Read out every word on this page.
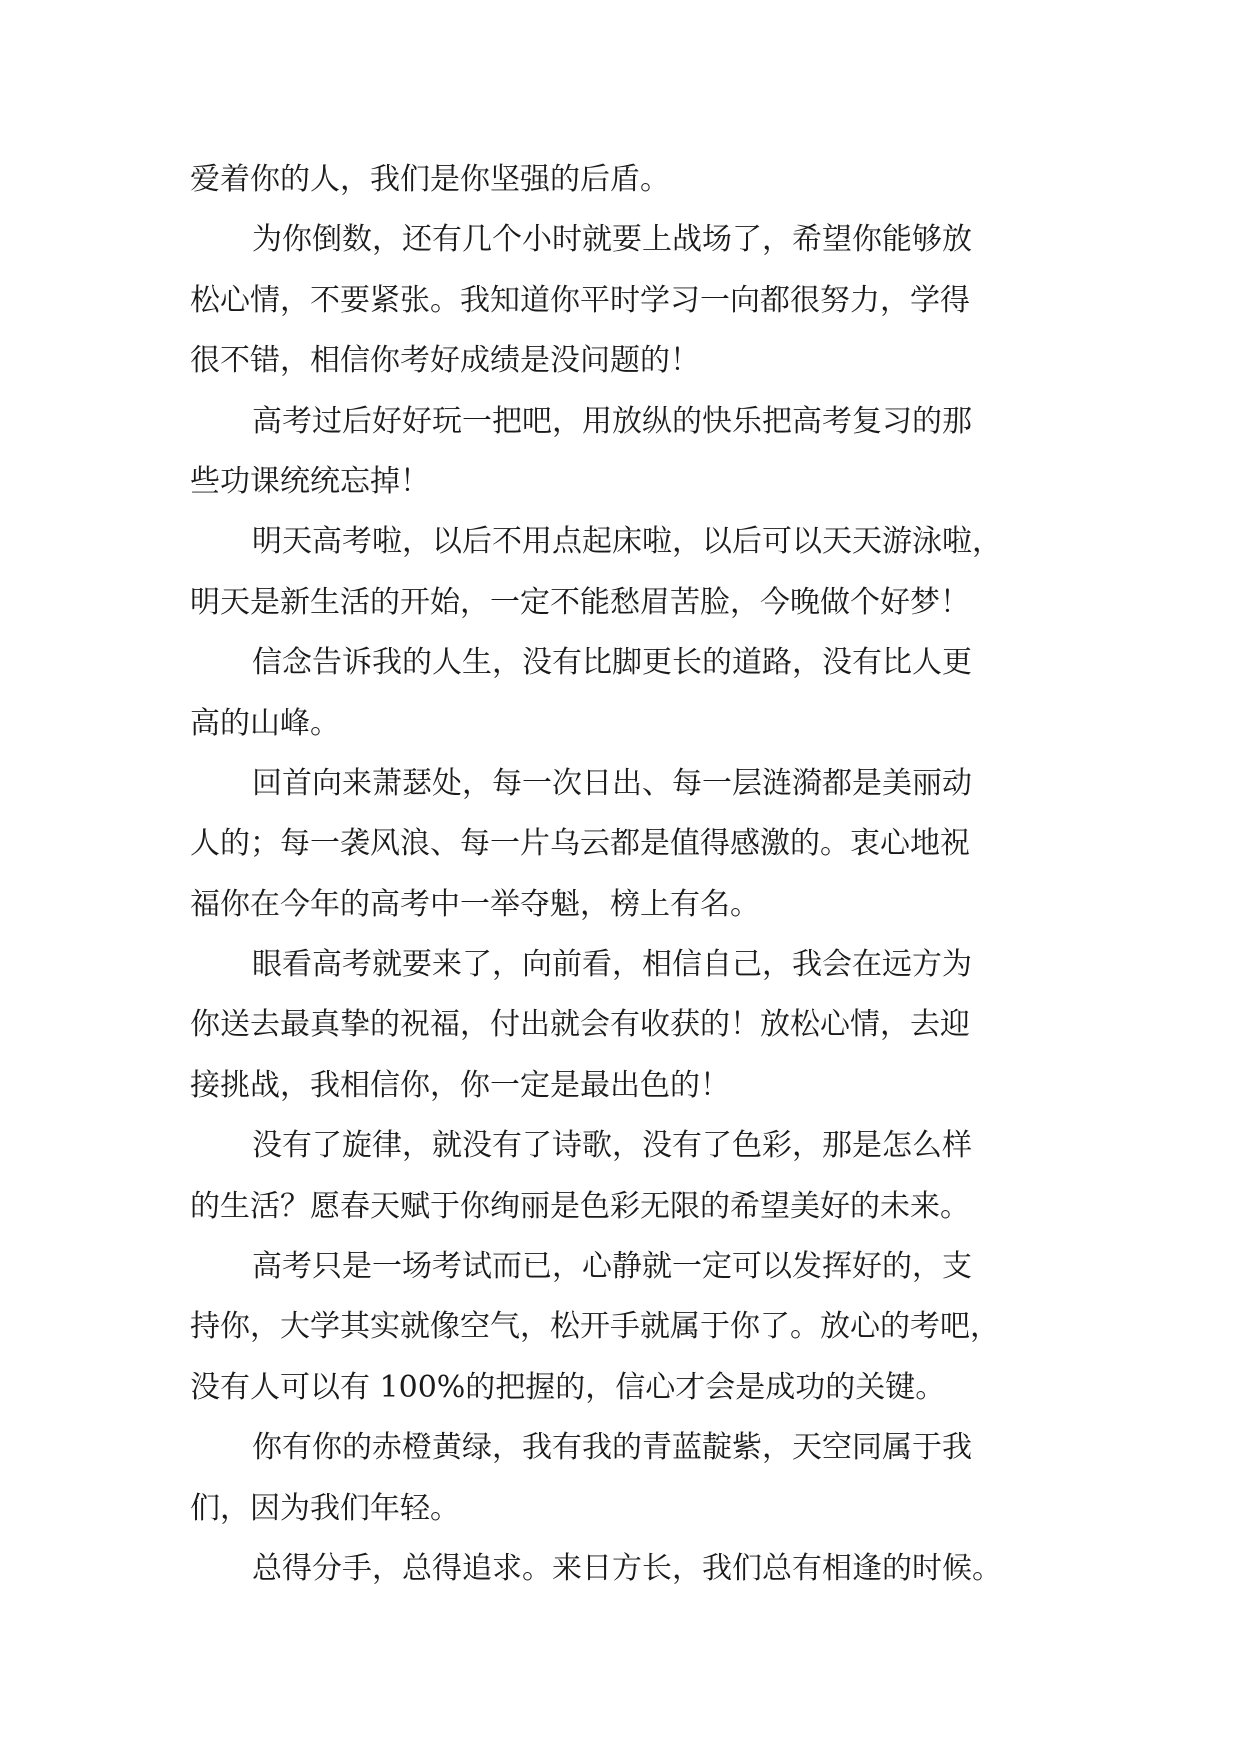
爱着你的人，我们是你坚强的后盾。
为你倒数，还有几个小时就要上战场了，希望你能够放
松心情，不要紧张。我知道你平时学习一向都很努力，学得
很不错，相信你考好成绩是没问题的！
高考过后好好玩一把吧，用放纵的快乐把高考复习的那
些功课统统忘掉！
明天高考啦，以后不用点起床啦，以后可以天天游泳啦，
明天是新生活的开始，一定不能愁眉苦脸，今晚做个好梦！
信念告诉我的人生，没有比脚更长的道路，没有比人更
高的山峰。
回首向来萧瑟处，每一次日出、每一层涟漪都是美丽动
人的；每一袭风浪、每一片乌云都是值得感激的。衷心地祝
福你在今年的高考中一举夺魁，榜上有名。
眼看高考就要来了，向前看，相信自己，我会在远方为
你送去最真挚的祝福，付出就会有收获的！放松心情，去迎
接挑战，我相信你，你一定是最出色的！
没有了旋律，就没有了诗歌，没有了色彩，那是怎么样
的生活？愿春天赋于你绚丽是色彩无限的希望美好的未来。
高考只是一场考试而已，心静就一定可以发挥好的，支
持你，大学其实就像空气，松开手就属于你了。放心的考吧，
没有人可以有 100%的把握的，信心才会是成功的关键。
你有你的赤橙黄绿，我有我的青蓝靛紫，天空同属于我
们，因为我们年轻。
总得分手，总得追求。来日方长，我们总有相逢的时候。
